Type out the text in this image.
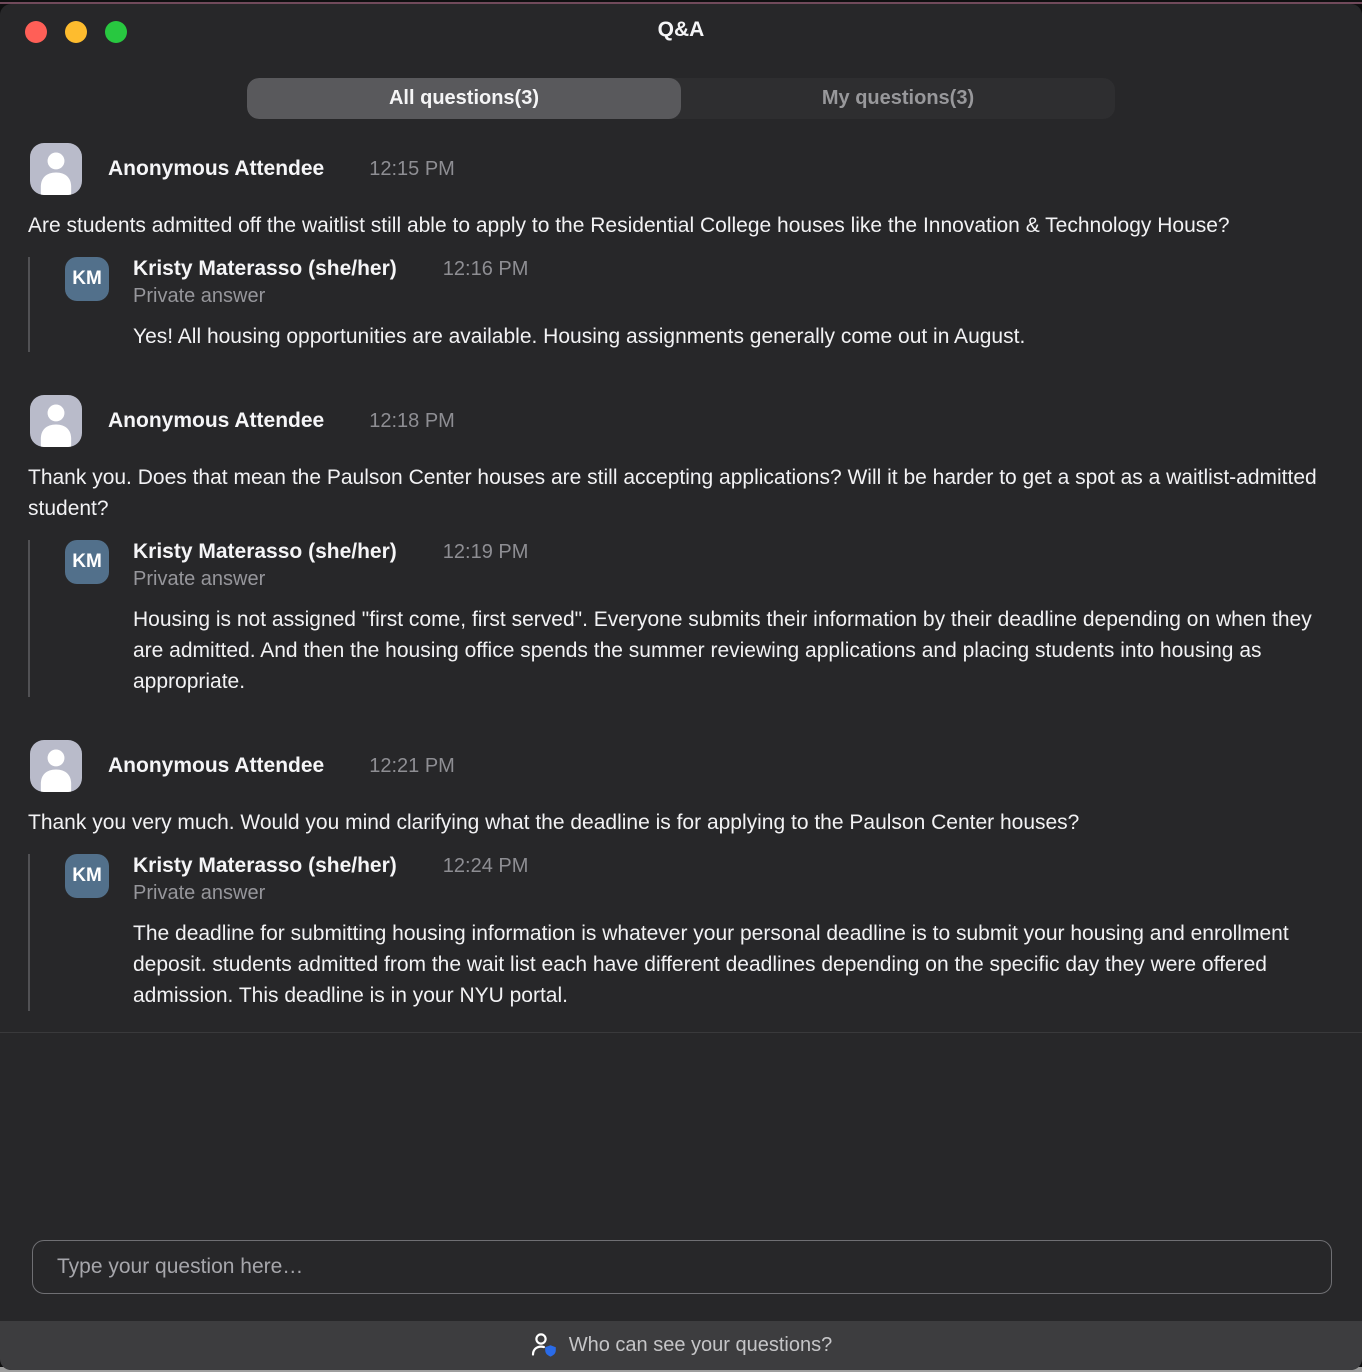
Q&A
All questions(3)	My questions(3)
Anonymous Attendee 12:15 PM
Are students admitted off the waitlist still able to apply to the Residential College houses like the Innovation & Technology House?
KM	Kristy Materasso (she/her) 12:16 PM
Private answer
Yes! All housing opportunities are available. Housing assignments generally come out in August.
Anonymous Attendee 12:18 PM
Thank you. Does that mean the Paulson Center houses are still accepting applications? Will it be harder to get a spot as a waitlist-admitted student?
KM	Kristy Materasso (she/her) 12:19 PM
Private answer
Housing is not assigned "first come, first served". Everyone submits their information by their deadline depending on when they are admitted. And then the housing office spends the summer reviewing applications and placing students into housing as appropriate.
Anonymous Attendee 12:21 PM
Thank you very much. Would you mind clarifying what the deadline is for applying to the Paulson Center houses?
KM	Kristy Materasso (she/her) 12:24 PM
Private answer
The deadline for submitting housing information is whatever your personal deadline is to submit your housing and enrollment deposit. students admitted from the wait list each have different deadlines depending on the specific day they were offered admission. This deadline is in your NYU portal.
Type your question here…
Who can see your questions?
